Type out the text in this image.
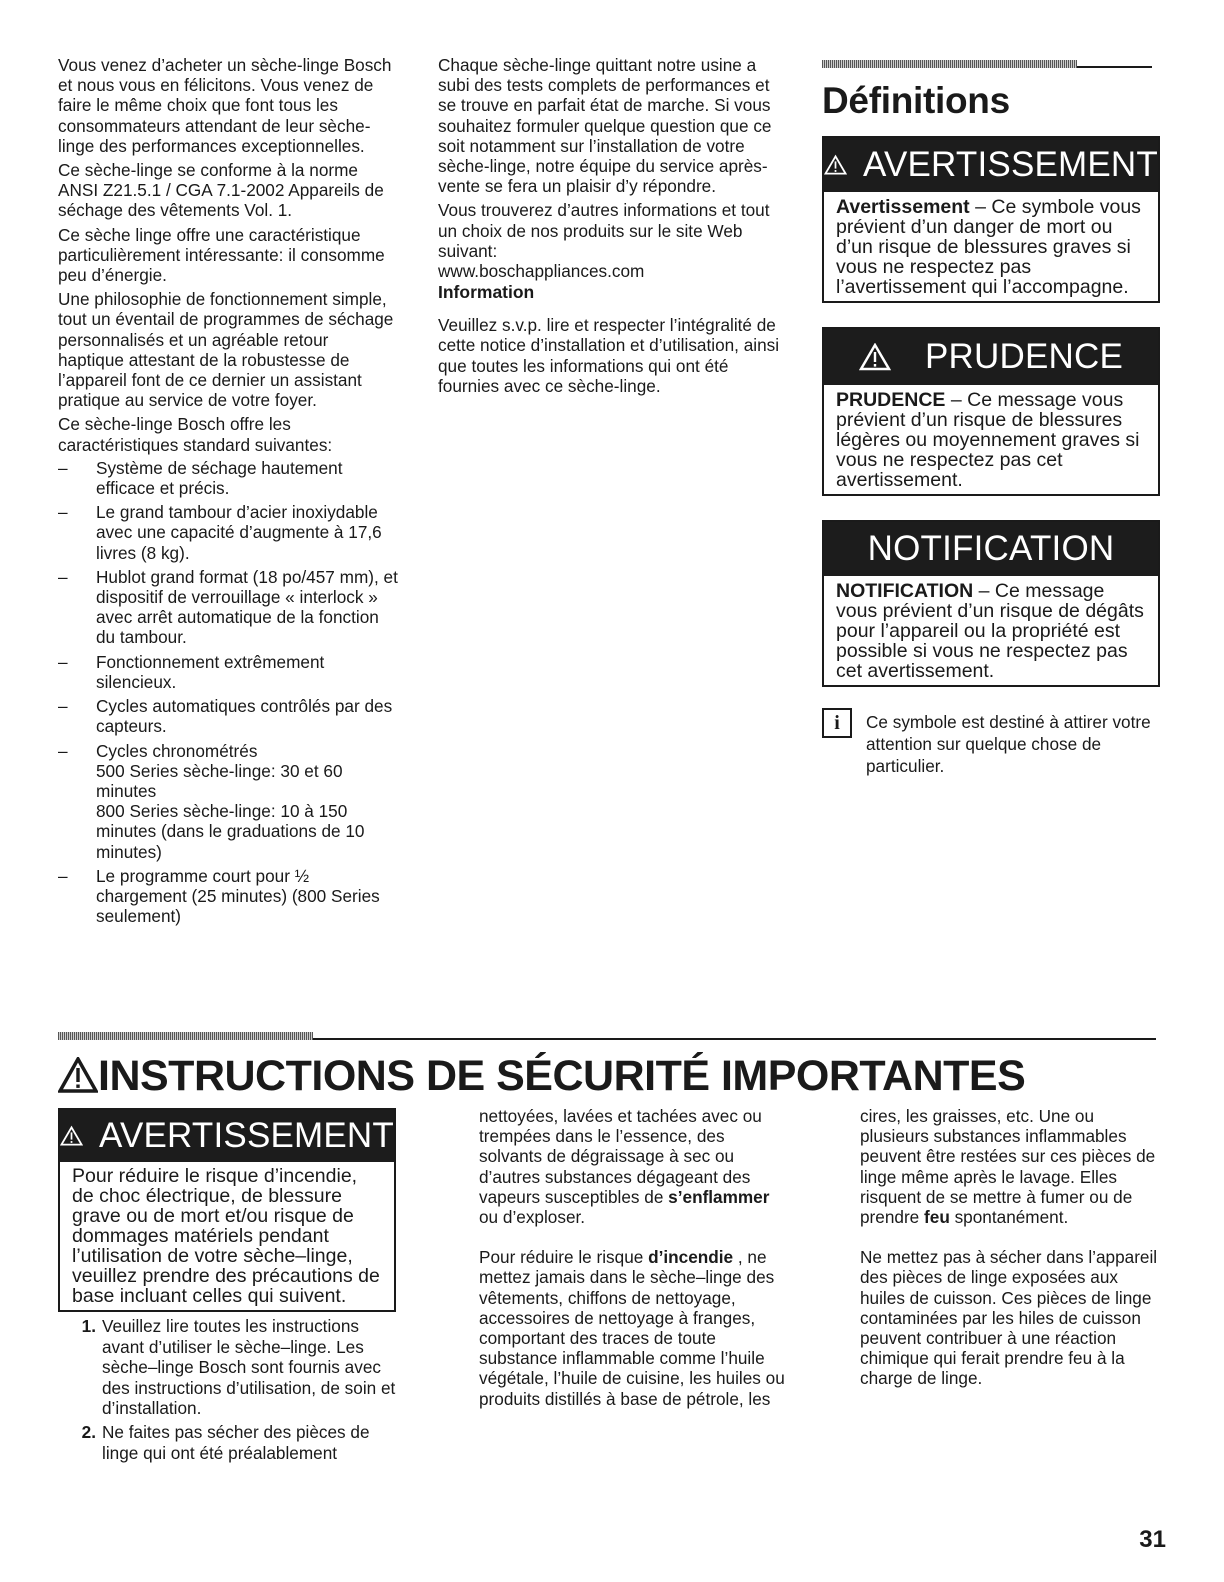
Vous venez d’acheter un sèche-linge Bosch et nous vous en félicitons. Vous venez de faire le même choix que font tous les consommateurs attendant de leur sèche-linge des performances exceptionnelles.

Ce sèche-linge se conforme à la norme ANSI Z21.5.1 / CGA 7.1-2002 Appareils de séchage des vêtements Vol. 1.

Ce sèche linge offre une caractéristique particulièrement intéressante: il consomme peu d’énergie.

Une philosophie de fonctionnement simple, tout un éventail de programmes de séchage personnalisés et un agréable retour haptique attestant de la robustesse de l’appareil font de ce dernier un assistant pratique au service de votre foyer.

Ce sèche-linge Bosch offre les caractéristiques standard suivantes:

–	Système de séchage hautement efficace et précis.
–	Le grand tambour d’acier inoxiydable avec une capacité d’augmente à 17,6 livres (8 kg).
–	Hublot grand format (18 po/457 mm), et dispositif de verrouillage « interlock » avec arrêt automatique de la fonction du tambour.
–	Fonctionnement extrêmement silencieux.
–	Cycles automatiques contrôlés par des capteurs.
–	Cycles chronométrés
500 Series sèche-linge: 30 et 60 minutes
800 Series sèche-linge: 10 à 150 minutes (dans le graduations de 10 minutes)
–	Le programme court pour ½ chargement (25 minutes) (800 Series seulement)

Chaque sèche-linge quittant notre usine a subi des tests complets de performances et se trouve en parfait état de marche. Si vous souhaitez formuler quelque question que ce soit notamment sur l’installation de votre sèche-linge, notre équipe du service après-vente se fera un plaisir d’y répondre.

Vous trouverez d’autres informations et tout un choix de nos produits sur le site Web suivant:

www.boschappliances.com

Information

Veuillez s.v.p. lire et respecter l’intégralité de cette notice d’installation et d’utilisation, ainsi que toutes les informations qui ont été fournies avec ce sèche-linge.

Définitions
AVERTISSEMENT
Avertissement – Ce symbole vous prévient d’un danger de mort ou d’un risque de blessures graves si vous ne respectez pas l’avertissement qui l’accompagne.
PRUDENCE
PRUDENCE – Ce message vous prévient d’un risque de blessures légères ou moyennement graves si vous ne respectez pas cet avertissement.
NOTIFICATION
NOTIFICATION – Ce message vous prévient d’un risque de dégâts pour l’appareil ou la propriété est possible si vous ne respectez pas cet avertissement.
i	Ce symbole est destiné à attirer votre attention sur quelque chose de particulier.
INSTRUCTIONS DE SÉCURITÉ IMPORTANTES
AVERTISSEMENT
Pour réduire le risque d’incendie, de choc électrique, de blessure grave ou de mort et/ou risque de dommages matériels pendant l’utilisation de votre sèche–linge, veuillez prendre des précautions de base incluant celles qui suivent.
1. Veuillez lire toutes les instructions avant d’utiliser le sèche–linge. Les sèche–linge Bosch sont fournis avec des instructions d’utilisation, de soin et d’installation.
2. Ne faites pas sécher des pièces de linge qui ont été préalablement

nettoyées, lavées et tachées avec ou trempées dans le l’essence, des solvants de dégraissage à sec ou d’autres substances dégageant des vapeurs susceptibles de s’enflammer ou d’exploser.

Pour réduire le risque d’incendie , ne mettez jamais dans le sèche–linge des vêtements, chiffons de nettoyage, accessoires de nettoyage à franges, comportant des traces de toute substance inflammable comme l’huile végétale, l’huile de cuisine, les huiles ou produits distillés à base de pétrole, les

cires, les graisses, etc. Une ou plusieurs substances inflammables peuvent être restées sur ces pièces de linge même après le lavage. Elles risquent de se mettre à fumer ou de prendre feu spontanément.

Ne mettez pas à sécher dans l’appareil des pièces de linge exposées aux huiles de cuisson. Ces pièces de linge contaminées par les hiles de cuisson peuvent contribuer à une réaction chimique qui ferait prendre feu à la charge de linge.

31
